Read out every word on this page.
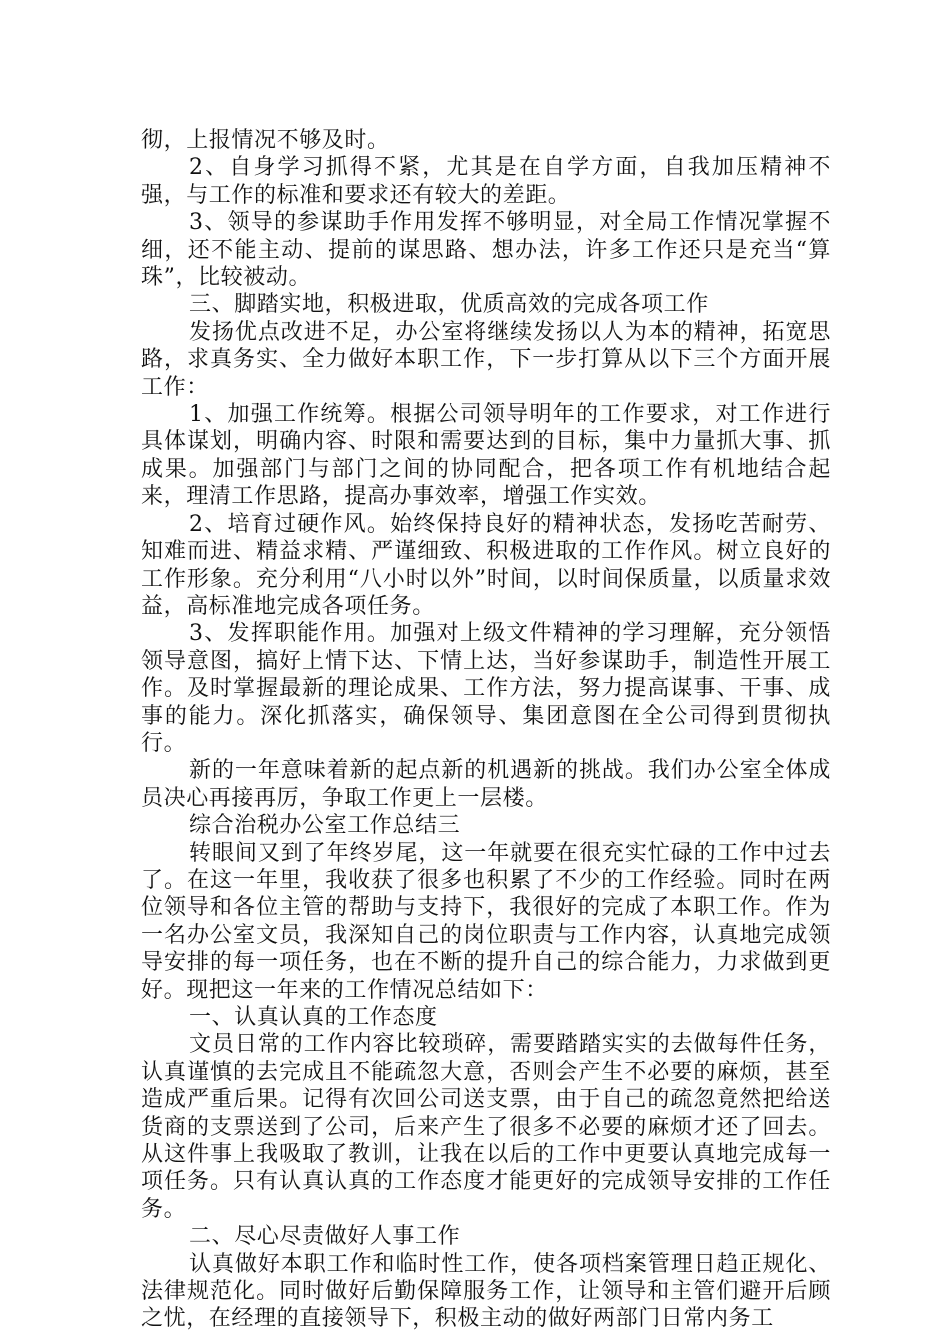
彻，上报情况不够及时。

2、自身学习抓得不紧，尤其是在自学方面，自我加压精神不强，与工作的标准和要求还有较大的差距。

3、领导的参谋助手作用发挥不够明显，对全局工作情况掌握不细，还不能主动、提前的谋思路、想办法，许多工作还只是充当“算珠”，比较被动。

三、脚踏实地，积极进取，优质高效的完成各项工作

发扬优点改进不足，办公室将继续发扬以人为本的精神，拓宽思路，求真务实、全力做好本职工作，下一步打算从以下三个方面开展工作：

1、加强工作统筹。根据公司领导明年的工作要求，对工作进行具体谋划，明确内容、时限和需要达到的目标，集中力量抓大事、抓成果。加强部门与部门之间的协同配合，把各项工作有机地结合起来，理清工作思路，提高办事效率，增强工作实效。

2、培育过硬作风。始终保持良好的精神状态，发扬吃苦耐劳、知难而进、精益求精、严谨细致、积极进取的工作作风。树立良好的工作形象。充分利用“八小时以外”时间，以时间保质量，以质量求效益，高标准地完成各项任务。

3、发挥职能作用。加强对上级文件精神的学习理解，充分领悟领导意图，搞好上情下达、下情上达，当好参谋助手，制造性开展工作。及时掌握最新的理论成果、工作方法，努力提高谋事、干事、成事的能力。深化抓落实，确保领导、集团意图在全公司得到贯彻执行。

新的一年意味着新的起点新的机遇新的挑战。我们办公室全体成员决心再接再厉，争取工作更上一层楼。

综合治税办公室工作总结三

转眼间又到了年终岁尾，这一年就要在很充实忙碌的工作中过去了。在这一年里，我收获了很多也积累了不少的工作经验。同时在两位领导和各位主管的帮助与支持下，我很好的完成了本职工作。作为一名办公室文员，我深知自己的岗位职责与工作内容，认真地完成领导安排的每一项任务，也在不断的提升自己的综合能力，力求做到更好。现把这一年来的工作情况总结如下：

一、认真认真的工作态度

文员日常的工作内容比较琐碎，需要踏踏实实的去做每件任务，认真谨慎的去完成且不能疏忽大意，否则会产生不必要的麻烦，甚至造成严重后果。记得有次回公司送支票，由于自己的疏忽竟然把给送货商的支票送到了公司，后来产生了很多不必要的麻烦才还了回去。从这件事上我吸取了教训，让我在以后的工作中更要认真地完成每一项任务。只有认真认真的工作态度才能更好的完成领导安排的工作任务。

二、尽心尽责做好人事工作

认真做好本职工作和临时性工作，使各项档案管理日趋正规化、法律规范化。同时做好后勤保障服务工作，让领导和主管们避开后顾之忧，在经理的直接领导下，积极主动的做好两部门日常内务工
